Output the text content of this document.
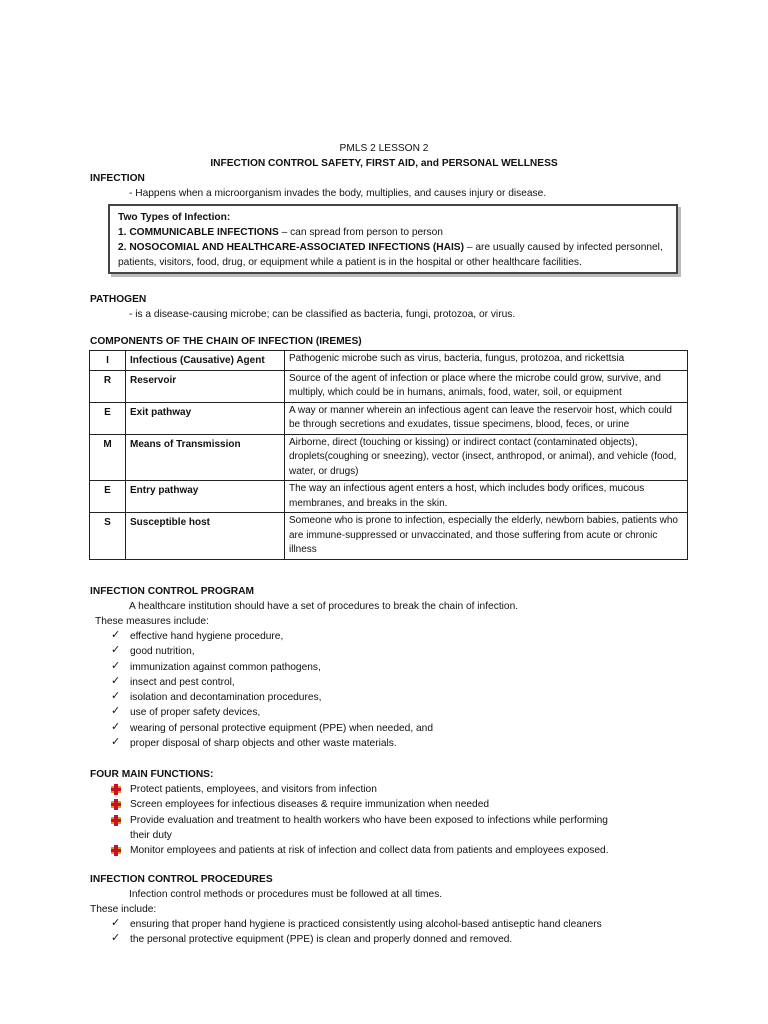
PMLS 2 LESSON 2
INFECTION CONTROL SAFETY, FIRST AID, and PERSONAL WELLNESS
INFECTION
- Happens when a microorganism invades the body, multiplies, and causes injury or disease.
Two Types of Infection:
1. COMMUNICABLE INFECTIONS – can spread from person to person
2. NOSOCOMIAL AND HEALTHCARE-ASSOCIATED INFECTIONS (HAIS) – are usually caused by infected personnel,
patients, visitors, food, drug, or equipment while a patient is in the hospital or other healthcare facilities.
PATHOGEN
- is a disease-causing microbe; can be classified as bacteria, fungi, protozoa, or virus.
COMPONENTS OF THE CHAIN OF INFECTION (IREMES)
I	Infectious (Causative) Agent	Pathogenic microbe such as virus, bacteria, fungus, protozoa, and rickettsia
R	Reservoir	Source of the agent of infection or place where the microbe could grow, survive, and multiply, which could be in humans, animals, food, water, soil, or equipment
E	Exit pathway	A way or manner wherein an infectious agent can leave the reservoir host, which could be through secretions and exudates, tissue specimens, blood, feces, or urine
M	Means of Transmission	Airborne, direct (touching or kissing) or indirect contact (contaminated objects), droplets(coughing or sneezing), vector (insect, anthropod, or animal), and vehicle (food, water, or drugs)
E	Entry pathway	The way an infectious agent enters a host, which includes body orifices, mucous membranes, and breaks in the skin.
S	Susceptible host	Someone who is prone to infection, especially the elderly, newborn babies, patients who are immune-suppressed or unvaccinated, and those suffering from acute or chronic illness
INFECTION CONTROL PROGRAM
A healthcare institution should have a set of procedures to break the chain of infection.
These measures include:
✓ effective hand hygiene procedure,
✓ good nutrition,
✓ immunization against common pathogens,
✓ insect and pest control,
✓ isolation and decontamination procedures,
✓ use of proper safety devices,
✓ wearing of personal protective equipment (PPE) when needed, and
✓ proper disposal of sharp objects and other waste materials.
FOUR MAIN FUNCTIONS:
Protect patients, employees, and visitors from infection
Screen employees for infectious diseases & require immunization when needed
Provide evaluation and treatment to health workers who have been exposed to infections while performing
their duty
Monitor employees and patients at risk of infection and collect data from patients and employees exposed.
INFECTION CONTROL PROCEDURES
Infection control methods or procedures must be followed at all times.
These include:
✓ ensuring that proper hand hygiene is practiced consistently using alcohol-based antiseptic hand cleaners
✓ the personal protective equipment (PPE) is clean and properly donned and removed.
